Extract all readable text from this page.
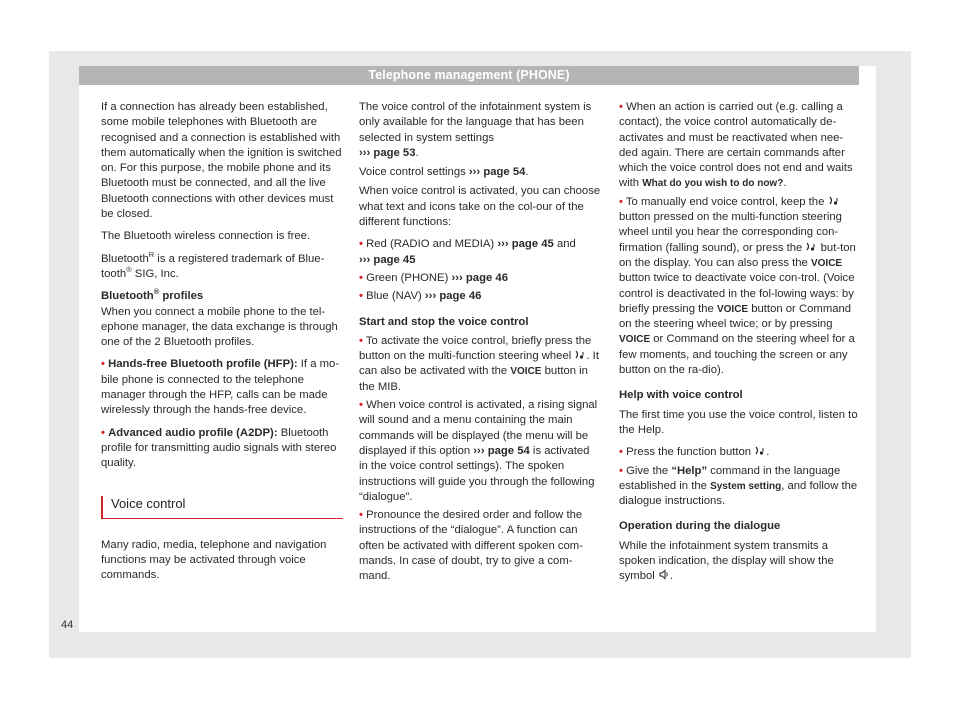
Telephone management (PHONE)

If a connection has already been established, some mobile telephones with Bluetooth are recognised and a connection is established with them automatically when the ignition is switched on. For this purpose, the mobile phone and its Bluetooth must be connected, and all the live Bluetooth connections with other devices must be closed.

The Bluetooth wireless connection is free.

Bluetooth$^R$ is a registered trademark of Blue-tooth® SIG, Inc.

Bluetooth® profiles

When you connect a mobile phone to the tel-ephone manager, the data exchange is through one of the 2 Bluetooth profiles.

• Hands-free Bluetooth profile (HFP): If a mo-bile phone is connected to the telephone manager through the HFP, calls can be made wirelessly through the hands-free device.

• Advanced audio profile (A2DP): Bluetooth profile for transmitting audio signals with stereo quality.

Voice control

Many radio, media, telephone and navigation functions may be activated through voice commands.

The voice control of the infotainment system is only available for the language that has been selected in system settings
››› page 53.

Voice control settings ››› page 54.

When voice control is activated, you can choose what text and icons take on the col-our of the different functions:

• Red (RADIO and MEDIA) ››› page 45 and
››› page 45

• Green (PHONE) ››› page 46

• Blue (NAV) ››› page 46

Start and stop the voice control

• To activate the voice control, briefly press the button on the multi-function steering wheel . It can also be activated with the VOICE button in the MIB.

• When voice control is activated, a rising signal will sound and a menu containing the main commands will be displayed (the menu will be displayed if this option ››› page 54 is activated in the voice control settings). The spoken instructions will guide you through the following “dialogue”.

• Pronounce the desired order and follow the instructions of the “dialogue”. A function can often be activated with different spoken com-mands. In case of doubt, try to give a com-mand.

• When an action is carried out (e.g. calling a contact), the voice control automatically de-activates and must be reactivated when nee-ded again. There are certain commands after which the voice control does not end and waits with What do you wish to do now?.

• To manually end voice control, keep the  button pressed on the multi-function steering wheel until you hear the corresponding con-firmation (falling sound), or press the  but-ton on the display. You can also press the VOICE button twice to deactivate voice con-trol. (Voice control is deactivated in the fol-lowing ways: by briefly pressing the VOICE button or Command on the steering wheel twice; or by pressing VOICE or Command on the steering wheel for a few moments, and touching the screen or any button on the ra-dio).

Help with voice control

The first time you use the voice control, listen to the Help.

• Press the function button .

• Give the “Help” command in the language established in the System setting, and follow the dialogue instructions.

Operation during the dialogue

While the infotainment system transmits a spoken indication, the display will show the symbol .

44
